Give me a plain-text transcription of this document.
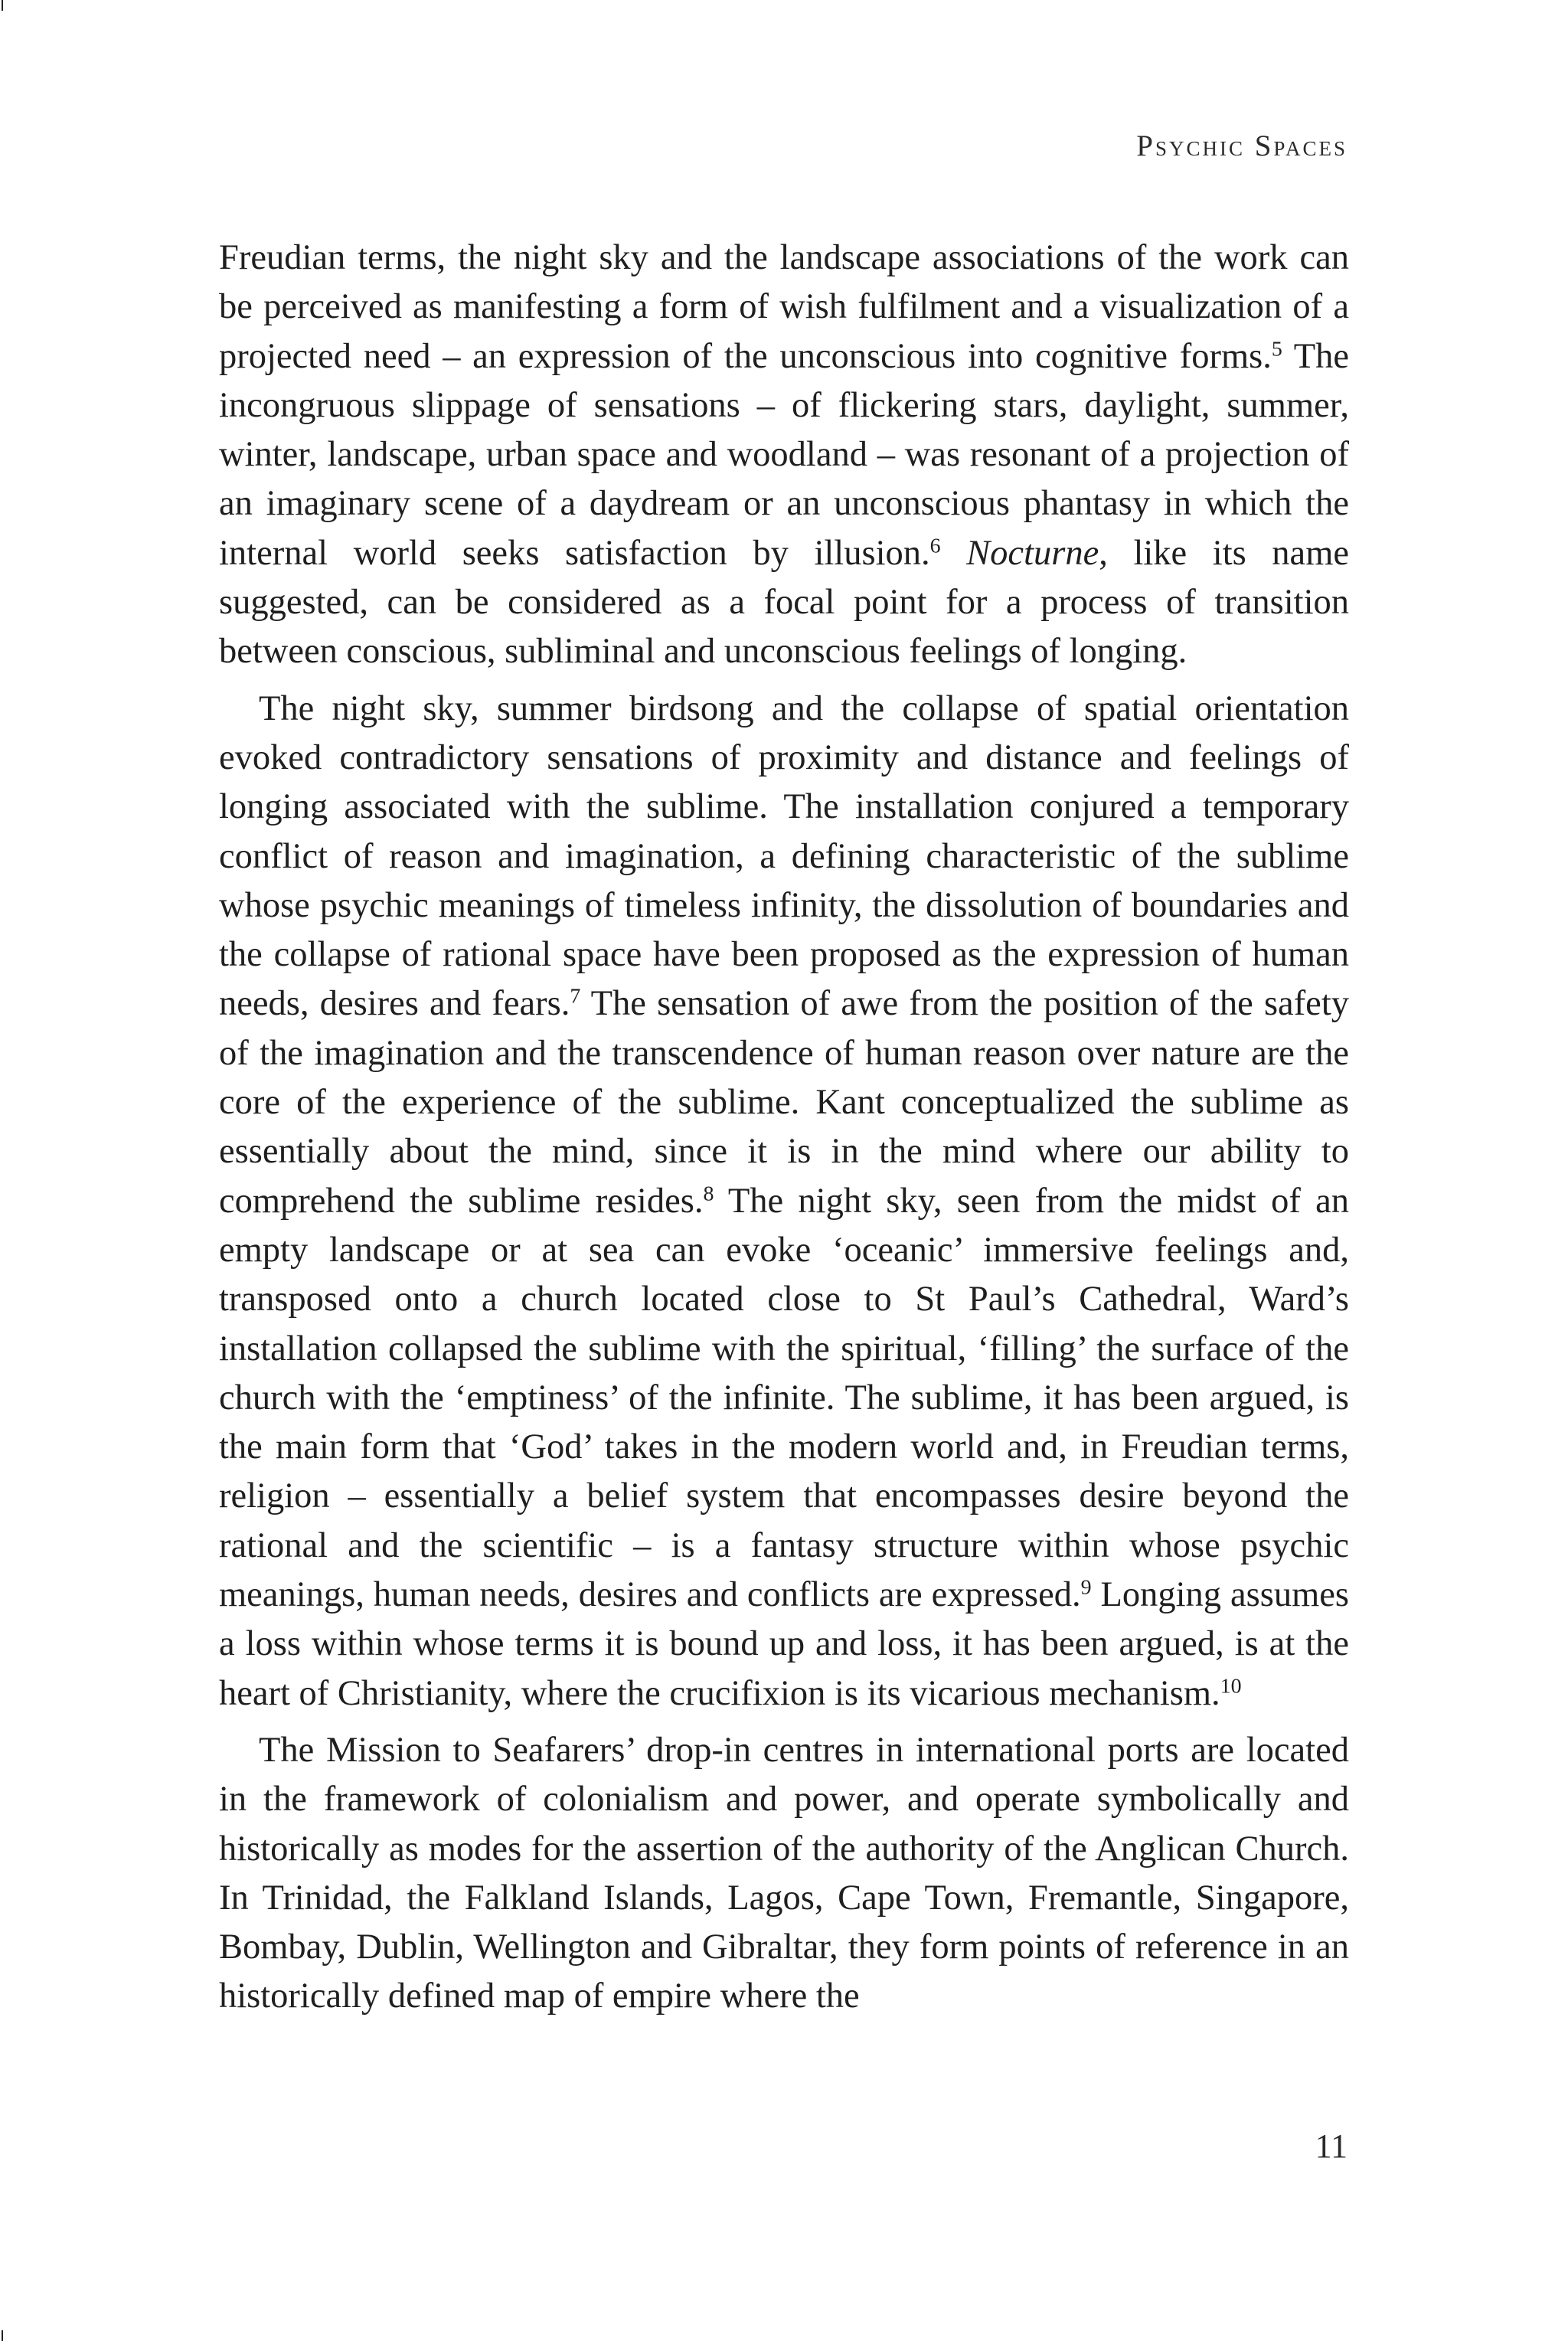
Psychic Spaces

Freudian terms, the night sky and the landscape associations of the work can be perceived as manifesting a form of wish fulfilment and a visualization of a projected need – an expression of the unconscious into cognitive forms.$^5$ The incongruous slippage of sensations – of flickering stars, daylight, summer, winter, landscape, urban space and woodland – was resonant of a projection of an imaginary scene of a daydream or an unconscious phantasy in which the internal world seeks satisfaction by illusion.$^6$ Nocturne, like its name suggested, can be considered as a focal point for a process of transition between conscious, subliminal and unconscious feelings of longing.

The night sky, summer birdsong and the collapse of spatial orientation evoked contradictory sensations of proximity and distance and feelings of longing associated with the sublime. The installation conjured a temporary conflict of reason and imagination, a defining characteristic of the sublime whose psychic meanings of timeless infinity, the dissolution of boundaries and the collapse of rational space have been proposed as the expression of human needs, desires and fears.$^7$ The sensation of awe from the position of the safety of the imagination and the transcendence of human reason over nature are the core of the experience of the sublime. Kant conceptualized the sublime as essentially about the mind, since it is in the mind where our ability to comprehend the sublime resides.$^8$ The night sky, seen from the midst of an empty landscape or at sea can evoke ‘oceanic’ immersive feelings and, transposed onto a church located close to St Paul’s Cathedral, Ward’s installation collapsed the sublime with the spiritual, ‘filling’ the surface of the church with the ‘emptiness’ of the infinite. The sublime, it has been argued, is the main form that ‘God’ takes in the modern world and, in Freudian terms, religion – essentially a belief system that encompasses desire beyond the rational and the scientific – is a fantasy structure within whose psychic meanings, human needs, desires and conflicts are expressed.$^9$ Longing assumes a loss within whose terms it is bound up and loss, it has been argued, is at the heart of Christianity, where the crucifixion is its vicarious mechanism.$^{10}$

The Mission to Seafarers’ drop-in centres in international ports are located in the framework of colonialism and power, and operate symbolically and historically as modes for the assertion of the authority of the Anglican Church. In Trinidad, the Falkland Islands, Lagos, Cape Town, Fremantle, Singapore, Bombay, Dublin, Wellington and Gibraltar, they form points of reference in an historically defined map of empire where the

11
